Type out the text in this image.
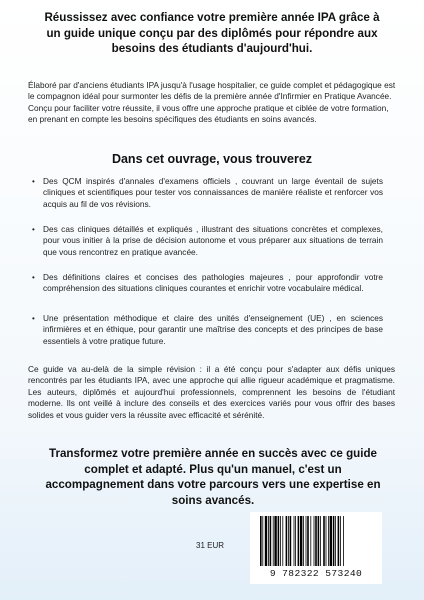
Réussissez avec confiance votre première année IPA grâce à un guide unique conçu par des diplômés pour répondre aux besoins des étudiants d'aujourd'hui.
Élaboré par d'anciens étudiants IPA jusqu'à l'usage hospitalier, ce guide complet et pédagogique est le compagnon idéal pour surmonter les défis de la première année d'Infirmier en Pratique Avancée. Conçu pour faciliter votre réussite, il vous offre une approche pratique et ciblée de votre formation, en prenant en compte les besoins spécifiques des étudiants en soins avancés.
Dans cet ouvrage, vous trouverez
• Des QCM inspirés d'annales d'examens officiels , couvrant un large éventail de sujets cliniques et scientifiques pour tester vos connaissances de manière réaliste et renforcer vos acquis au fil de vos révisions.
• Des cas cliniques détaillés et expliqués , illustrant des situations concrètes et complexes, pour vous initier à la prise de décision autonome et vous préparer aux situations de terrain que vous rencontrez en pratique avancée.
• Des définitions claires et concises des pathologies majeures , pour approfondir votre compréhension des situations cliniques courantes et enrichir votre vocabulaire médical.
• Une présentation méthodique et claire des unités d'enseignement (UE) , en sciences infirmières et en éthique, pour garantir une maîtrise des concepts et des principes de base essentiels à votre pratique future.
Ce guide va au-delà de la simple révision : il a été conçu pour s'adapter aux défis uniques rencontrés par les étudiants IPA, avec une approche qui allie rigueur académique et pragmatisme. Les auteurs, diplômés et aujourd'hui professionnels, comprennent les besoins de l'étudiant moderne. Ils ont veillé à inclure des conseils et des exercices variés pour vous offrir des bases solides et vous guider vers la réussite avec efficacité et sérénité.
Transformez votre première année en succès avec ce guide complet et adapté. Plus qu'un manuel, c'est un accompagnement dans votre parcours vers une expertise en soins avancés.
31 EUR
9 782322 573240
